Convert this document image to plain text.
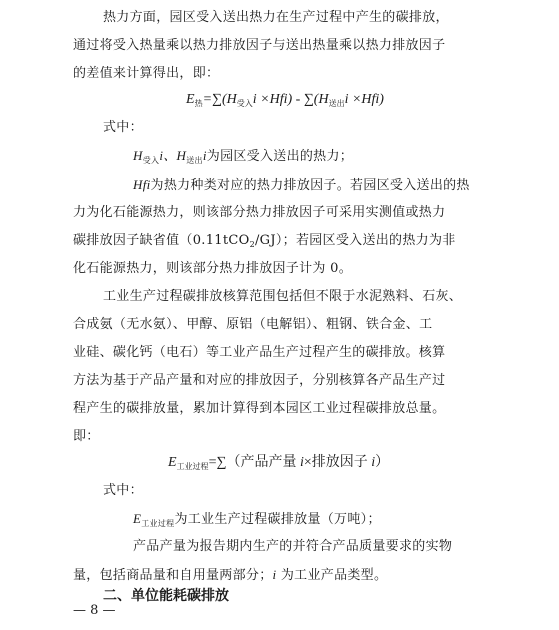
热力方面，园区受入送出热力在生产过程中产生的碳排放，
通过将受入热量乘以热力排放因子与送出热量乘以热力排放因子
的差值来计算得出，即：
$E_热=\sum(H_{受入}i \times Hfi) - \sum(H_{送出}i \times Hfi)$
式中：
$H_{受入}i$、$H_{送出}i$为园区受入送出的热力；
Hfi为热力种类对应的热力排放因子。若园区受入送出的热
力为化石能源热力，则该部分热力排放因子可采用实测值或热力
碳排放因子缺省值（0.11tCO$_2$/GJ）；若园区受入送出的热力为非
化石能源热力，则该部分热力排放因子计为 0。
工业生产过程碳排放核算范围包括但不限于水泥熟料、石灰、
合成氨（无水氨）、甲醇、原铝（电解铝）、粗钢、铁合金、工
业硅、碳化钙（电石）等工业产品生产过程产生的碳排放。核算
方法为基于产品产量和对应的排放因子，分别核算各产品生产过
程产生的碳排放量，累加计算得到本园区工业过程碳排放总量。
即：
$E_{工业过程}=\sum$（产品产量 i×排放因子 i）
式中：
$E_{工业过程}$为工业生产过程碳排放量（万吨）；
产品产量为报告期内生产的并符合产品质量要求的实物
量，包括商品量和自用量两部分；i 为工业产品类型。
二、单位能耗碳排放
— 8 —
